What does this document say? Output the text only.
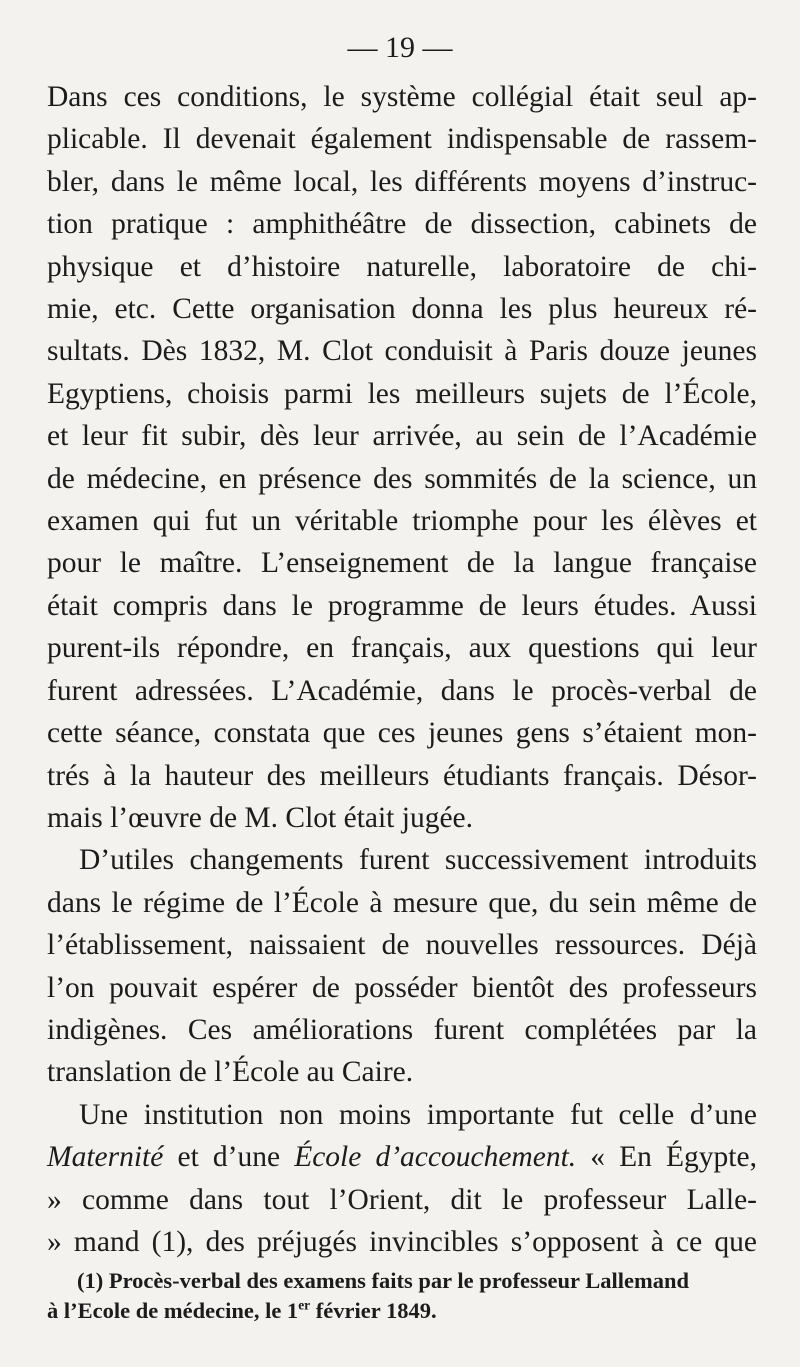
— 19 —
Dans ces conditions, le système collégial était seul ap-
plicable. Il devenait également indispensable de rassem-
bler, dans le même local, les différents moyens d’instruc-
tion pratique : amphithéâtre de dissection, cabinets de
physique et d’histoire naturelle, laboratoire de chi-
mie, etc. Cette organisation donna les plus heureux ré-
sultats. Dès 1832, M. Clot conduisit à Paris douze jeunes
Egyptiens, choisis parmi les meilleurs sujets de l’École,
et leur fit subir, dès leur arrivée, au sein de l’Académie
de médecine, en présence des sommités de la science, un
examen qui fut un véritable triomphe pour les élèves et
pour le maître. L’enseignement de la langue française
était compris dans le programme de leurs études. Aussi
purent-ils répondre, en français, aux questions qui leur
furent adressées. L’Académie, dans le procès-verbal de
cette séance, constata que ces jeunes gens s’étaient mon-
trés à la hauteur des meilleurs étudiants français. Désor-
mais l’œuvre de M. Clot était jugée.
D’utiles changements furent successivement introduits
dans le régime de l’École à mesure que, du sein même de
l’établissement, naissaient de nouvelles ressources. Déjà
l’on pouvait espérer de posséder bientôt des professeurs
indigènes. Ces améliorations furent complétées par la
translation de l’École au Caire.
Une institution non moins importante fut celle d’une
Maternité et d’une École d’accouchement. « En Égypte,
» comme dans tout l’Orient, dit le professeur Lalle-
» mand (1), des préjugés invincibles s’opposent à ce que
(1) Procès-verbal des examens faits par le professeur Lallemand
à l’Ecole de médecine, le 1er février 1849.
